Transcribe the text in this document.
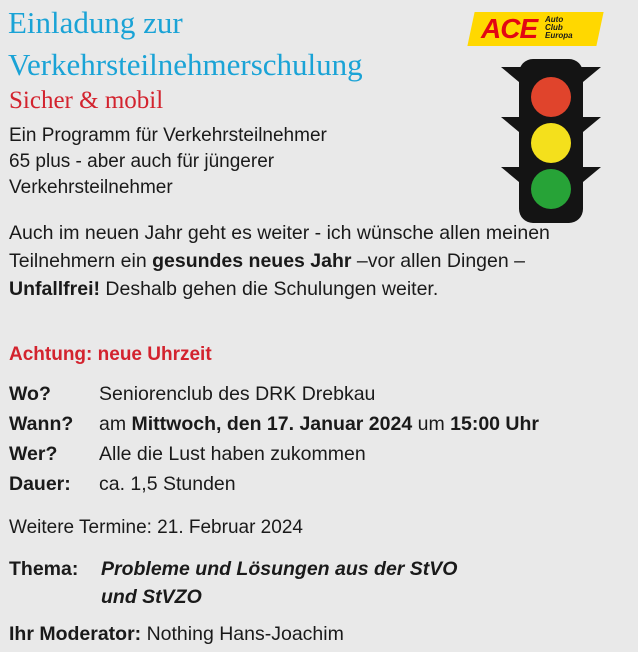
Einladung zur
Verkehrsteilnehmerschulung
Sicher & mobil
ACE Auto
Club
Europa
Ein Programm für Verkehrsteilnehmer
65 plus - aber auch für jüngerer
Verkehrsteilnehmer
Auch im neuen Jahr geht es weiter - ich wünsche allen meinen Teilnehmern ein gesundes neues Jahr –vor allen Dingen – Unfallfrei! Deshalb gehen die Schulungen weiter.
Achtung: neue Uhrzeit
Wo? Seniorenclub des DRK Drebkau
Wann? am Mittwoch, den 17. Januar 2024 um 15:00 Uhr
Wer? Alle die Lust haben zukommen
Dauer: ca. 1,5 Stunden
Weitere Termine: 21. Februar 2024
Thema: Probleme und Lösungen aus der StVO
und StVZO
Ihr Moderator: Nothing Hans-Joachim
